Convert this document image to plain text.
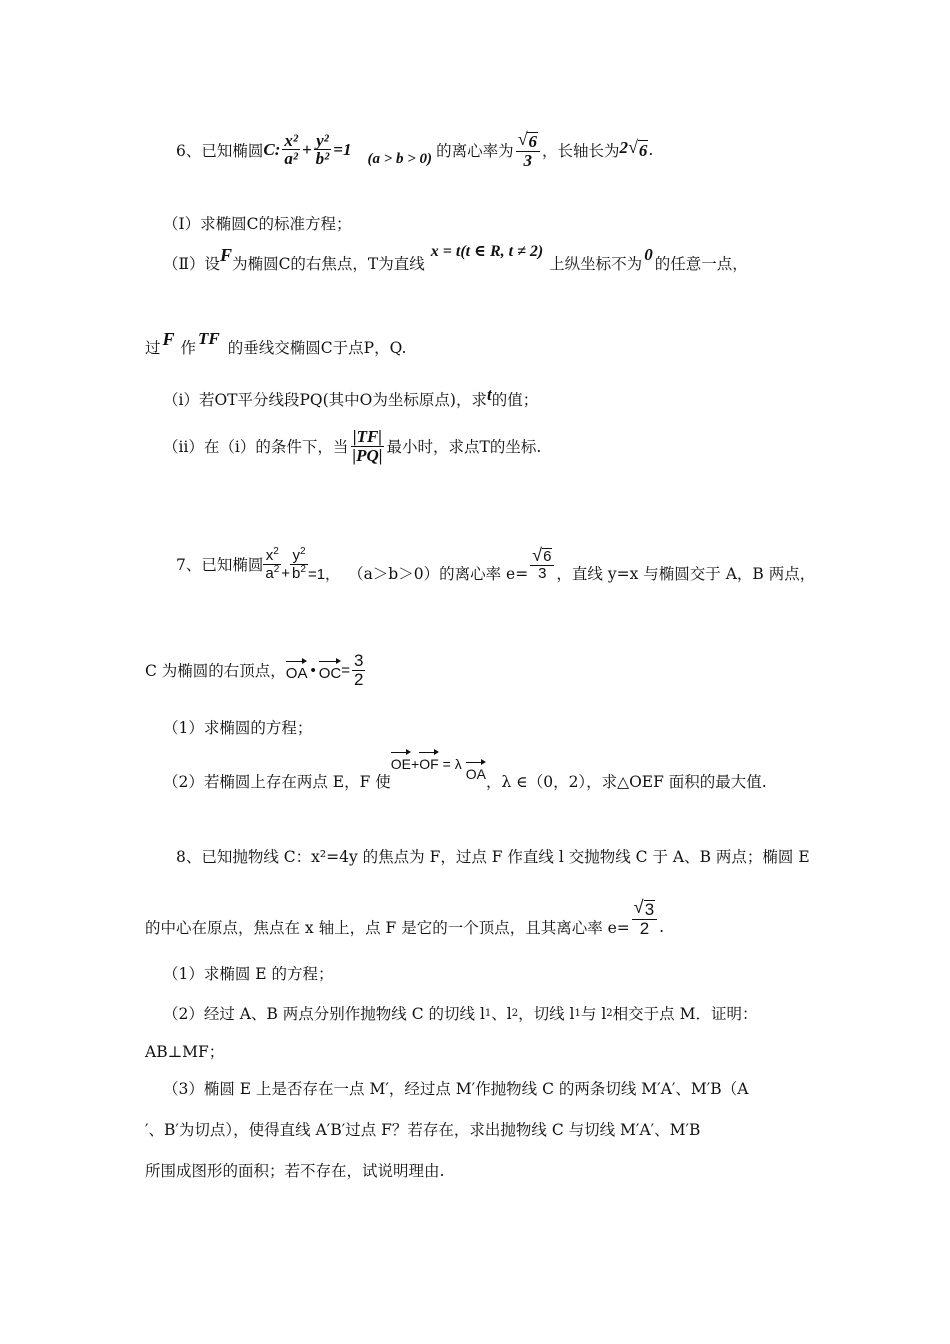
6、已知椭圆 C: $\frac{\text{x²}}{\text{a²}} + \frac{\text{y²}}{\text{b²}} =1$
(a > b > 0) 的离心率为 $\frac{√ 6}{3}$ ，长轴长为 2 √ 6 .
（Ⅰ）求椭圆C的标准方程；
（Ⅱ）设 F 为椭圆C的右焦点，T为直线
x = t(t ∈ R, t ≠ 2)
上纵坐标不为 0 的任意一点，
过 F 作 TF 的垂线交椭圆C于点P，Q.
（ⅰ）若OT平分线段PQ(其中O为坐标原点)，求 t 的值；
（ⅱ）在（ⅰ）的条件下，当 $\frac{|TF|}{|PQ|}$ 最小时，求点T的坐标.
7、已知椭圆 $\frac{x^2}{a^2} + \frac{y^2}{b^2} =1$， （a＞b＞0）的离心率 $e= \frac{√ 6}{3}$ ，直线 y=x 与椭圆交于 A，B 两点，
C 为椭圆的右顶点， OA • OC = $\frac{3}{2}$
（1）求椭圆的方程；
（2）若椭圆上存在两点 E，F 使
OE + OF = λ
OA ，λ ∈（0，2），求△OEF 面积的最大值.
8、已知抛物线 C：x²=4y 的焦点为 F，过点 F 作直线 l 交抛物线 C 于 A、B 两点；椭圆 E
的中心在原点，焦点在 x 轴上，点 F 是它的一个顶点，且其离心率 $e= \frac{√ 3}{2}$ .
（1）求椭圆 E 的方程；
（2）经过 A、B 两点分别作抛物线 C 的切线 l 1 、l 2 ，切线 l 1 与 l 2 相交于点 M．证明：
AB⊥MF；
（3）椭圆 E 上是否存在一点 M′，经过点 M′作抛物线 C 的两条切线 M′A′、M′B（A
′、B′为切点），使得直线 A′B′过点 F？若存在，求出抛物线 C 与切线 M′A′、M′B
所围成图形的面积；若不存在，试说明理由.
